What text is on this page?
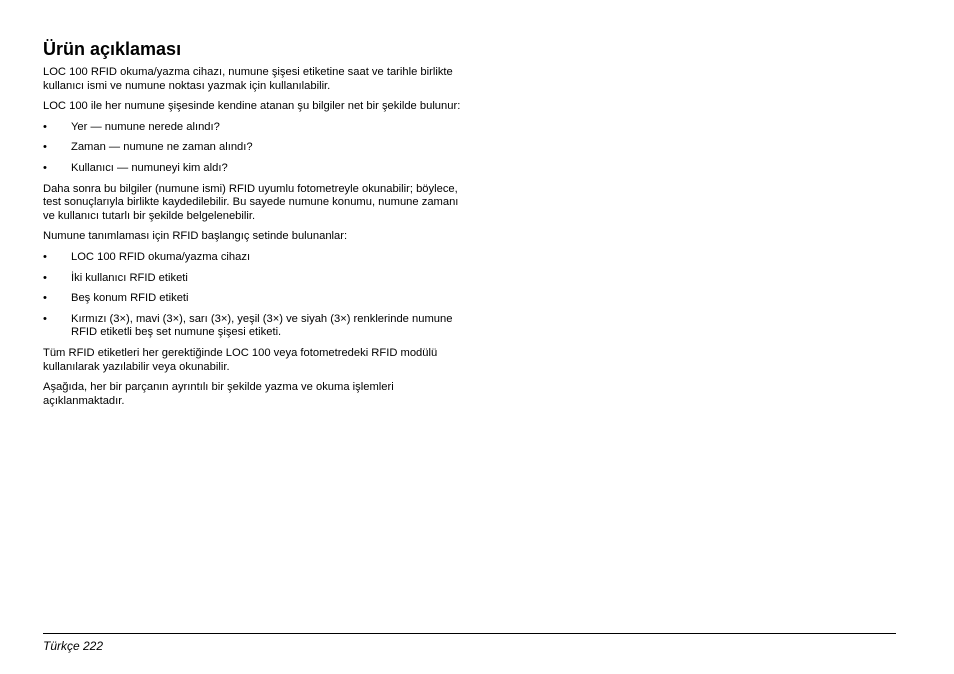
Ürün açıklaması

LOC 100 RFID okuma/yazma cihazı, numune şişesi etiketine saat ve tarihle birlikte kullanıcı ismi ve numune noktası yazmak için kullanılabilir.

LOC 100 ile her numune şişesinde kendine atanan şu bilgiler net bir şekilde bulunur:

• Yer — numune nerede alındı?
• Zaman — numune ne zaman alındı?
• Kullanıcı — numuneyi kim aldı?

Daha sonra bu bilgiler (numune ismi) RFID uyumlu fotometreyle okunabilir; böylece, test sonuçlarıyla birlikte kaydedilebilir. Bu sayede numune konumu, numune zamanı ve kullanıcı tutarlı bir şekilde belgelenebilir.

Numune tanımlaması için RFID başlangıç setinde bulunanlar:

• LOC 100 RFID okuma/yazma cihazı
• İki kullanıcı RFID etiketi
• Beş konum RFID etiketi
• Kırmızı (3×), mavi (3×), sarı (3×), yeşil (3×) ve siyah (3×) renklerinde numune RFID etiketli beş set numune şişesi etiketi.

Tüm RFID etiketleri her gerektiğinde LOC 100 veya fotometredeki RFID modülü kullanılarak yazılabilir veya okunabilir.

Aşağıda, her bir parçanın ayrıntılı bir şekilde yazma ve okuma işlemleri açıklanmaktadır.

Türkçe 222
